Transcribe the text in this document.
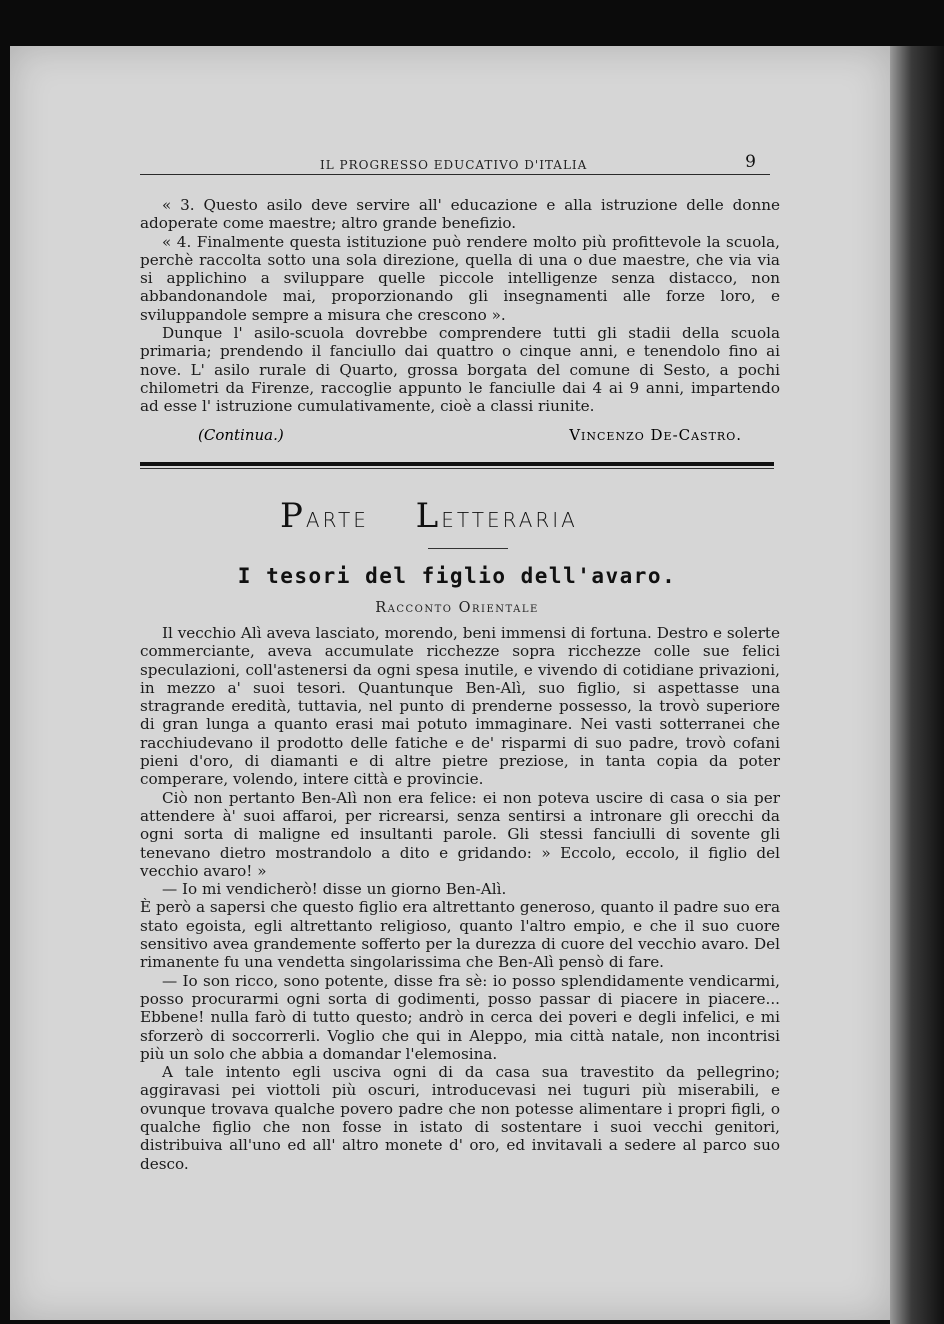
IL PROGRESSO EDUCATIVO D'ITALIA	9

« 3. Questo asilo deve servire all' educazione e alla istruzione delle donne adoperate come maestre; altro grande benefizio.

« 4. Finalmente questa istituzione può rendere molto più profittevole la scuola, perchè raccolta sotto una sola direzione, quella di una o due maestre, che via via si applichino a sviluppare quelle piccole intelligenze senza distacco, non abbandonandole mai, proporzionando gli insegnamenti alle forze loro, e sviluppandole sempre a misura che crescono ».

Dunque l' asilo-scuola dovrebbe comprendere tutti gli stadii della scuola primaria; prendendo il fanciullo dai quattro o cinque anni, e tenendolo fino ai nove. L' asilo rurale di Quarto, grossa borgata del comune di Sesto, a pochi chilometri da Firenze, raccoglie appunto le fanciulle dai 4 ai 9 anni, impartendo ad esse l' istruzione cumulativamente, cioè a classi riunite.

(Continua.)	Vincenzo De-Castro.
PARTE LETTERARIA
I tesori del figlio dell'avaro.
Racconto Orientale

Il vecchio Alì aveva lasciato, morendo, beni immensi di fortuna. Destro e solerte commerciante, aveva accumulate ricchezze sopra ricchezze colle sue felici speculazioni, coll'astenersi da ogni spesa inutile, e vivendo di cotidiane privazioni, in mezzo a' suoi tesori. Quantunque Ben-Alì, suo figlio, si aspettasse una stragrande eredità, tuttavia, nel punto di prenderne possesso, la trovò superiore di gran lunga a quanto erasi mai potuto immaginare. Nei vasti sotterranei che racchiudevano il prodotto delle fatiche e de' risparmi di suo padre, trovò cofani pieni d'oro, di diamanti e di altre pietre preziose, in tanta copia da poter comperare, volendo, intere città e provincie.

Ciò non pertanto Ben-Alì non era felice: ei non poteva uscire di casa o sia per attendere à' suoi affaroi, per ricrearsi, senza sentirsi a intronare gli orecchi da ogni sorta di maligne ed insultanti parole. Gli stessi fanciulli di sovente gli tenevano dietro mostrandolo a dito e gridando: » Eccolo, eccolo, il figlio del vecchio avaro! »

— Io mi vendicherò! disse un giorno Ben-Alì.

È però a sapersi che questo figlio era altrettanto generoso, quanto il padre suo era stato egoista, egli altrettanto religioso, quanto l'altro empio, e che il suo cuore sensitivo avea grandemente sofferto per la durezza di cuore del vecchio avaro. Del rimanente fu una vendetta singolarissima che Ben-Alì pensò di fare.

— Io son ricco, sono potente, disse fra sè: io posso splendidamente vendicarmi, posso procurarmi ogni sorta di godimenti, posso passar di piacere in piacere... Ebbene! nulla farò di tutto questo; andrò in cerca dei poveri e degli infelici, e mi sforzerò di soccorrerli. Voglio che qui in Aleppo, mia città natale, non incontrisi più un solo che abbia a domandar l'elemosina.

A tale intento egli usciva ogni di da casa sua travestito da pellegrino; aggiravasi pei viottoli più oscuri, introducevasi nei tuguri più miserabili, e ovunque trovava qualche povero padre che non potesse alimentare i propri figli, o qualche figlio che non fosse in istato di sostentare i suoi vecchi genitori, distribuiva all'uno ed all' altro monete d' oro, ed invitavali a sedere al parco suo desco.
